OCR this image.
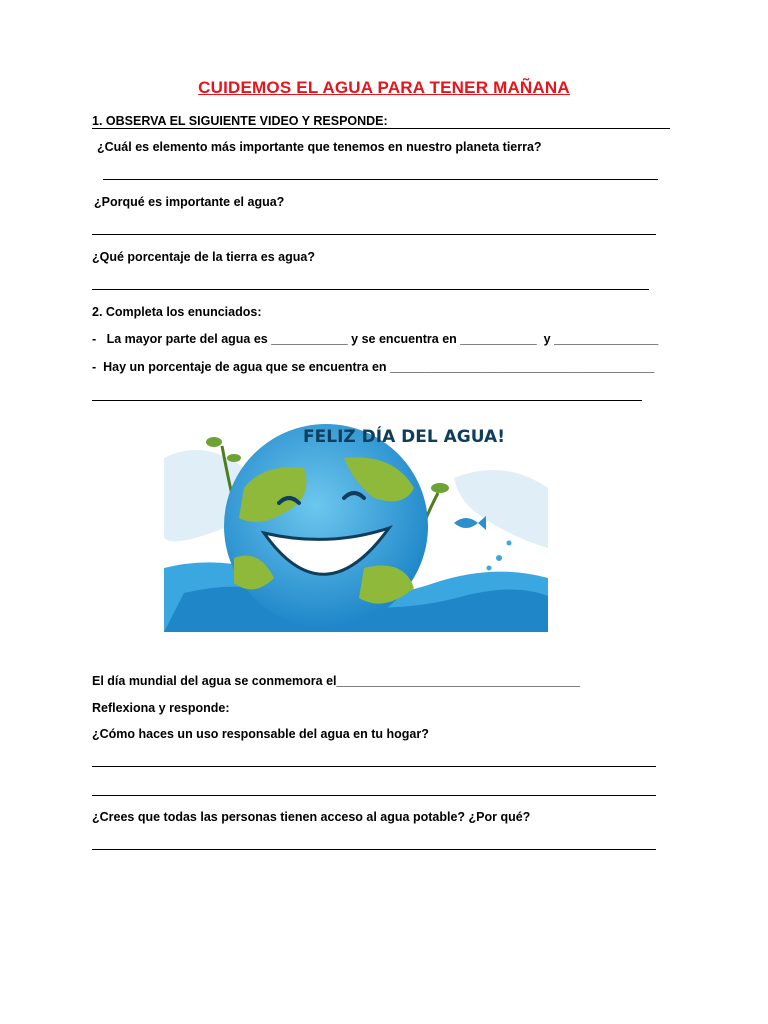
CUIDEMOS EL AGUA PARA TENER MAÑANA
1. OBSERVA EL SIGUIENTE VIDEO Y RESPONDE:
¿Cuál es elemento más importante que tenemos en nuestro planeta tierra?
¿Porqué es importante el agua?
¿Qué porcentaje de la tierra es agua?
2. Completa los enunciados:
-   La mayor parte del agua es ___________ y se encuentra en ___________  y _______________
-  Hay un porcentaje de agua que se encuentra en ______________________________________
FELIZ DÍA DEL AGUA!
El día mundial del agua se conmemora el___________________________________
Reflexiona y responde:
¿Cómo haces un uso responsable del agua en tu hogar?
¿Crees que todas las personas tienen acceso al agua potable? ¿Por qué?
